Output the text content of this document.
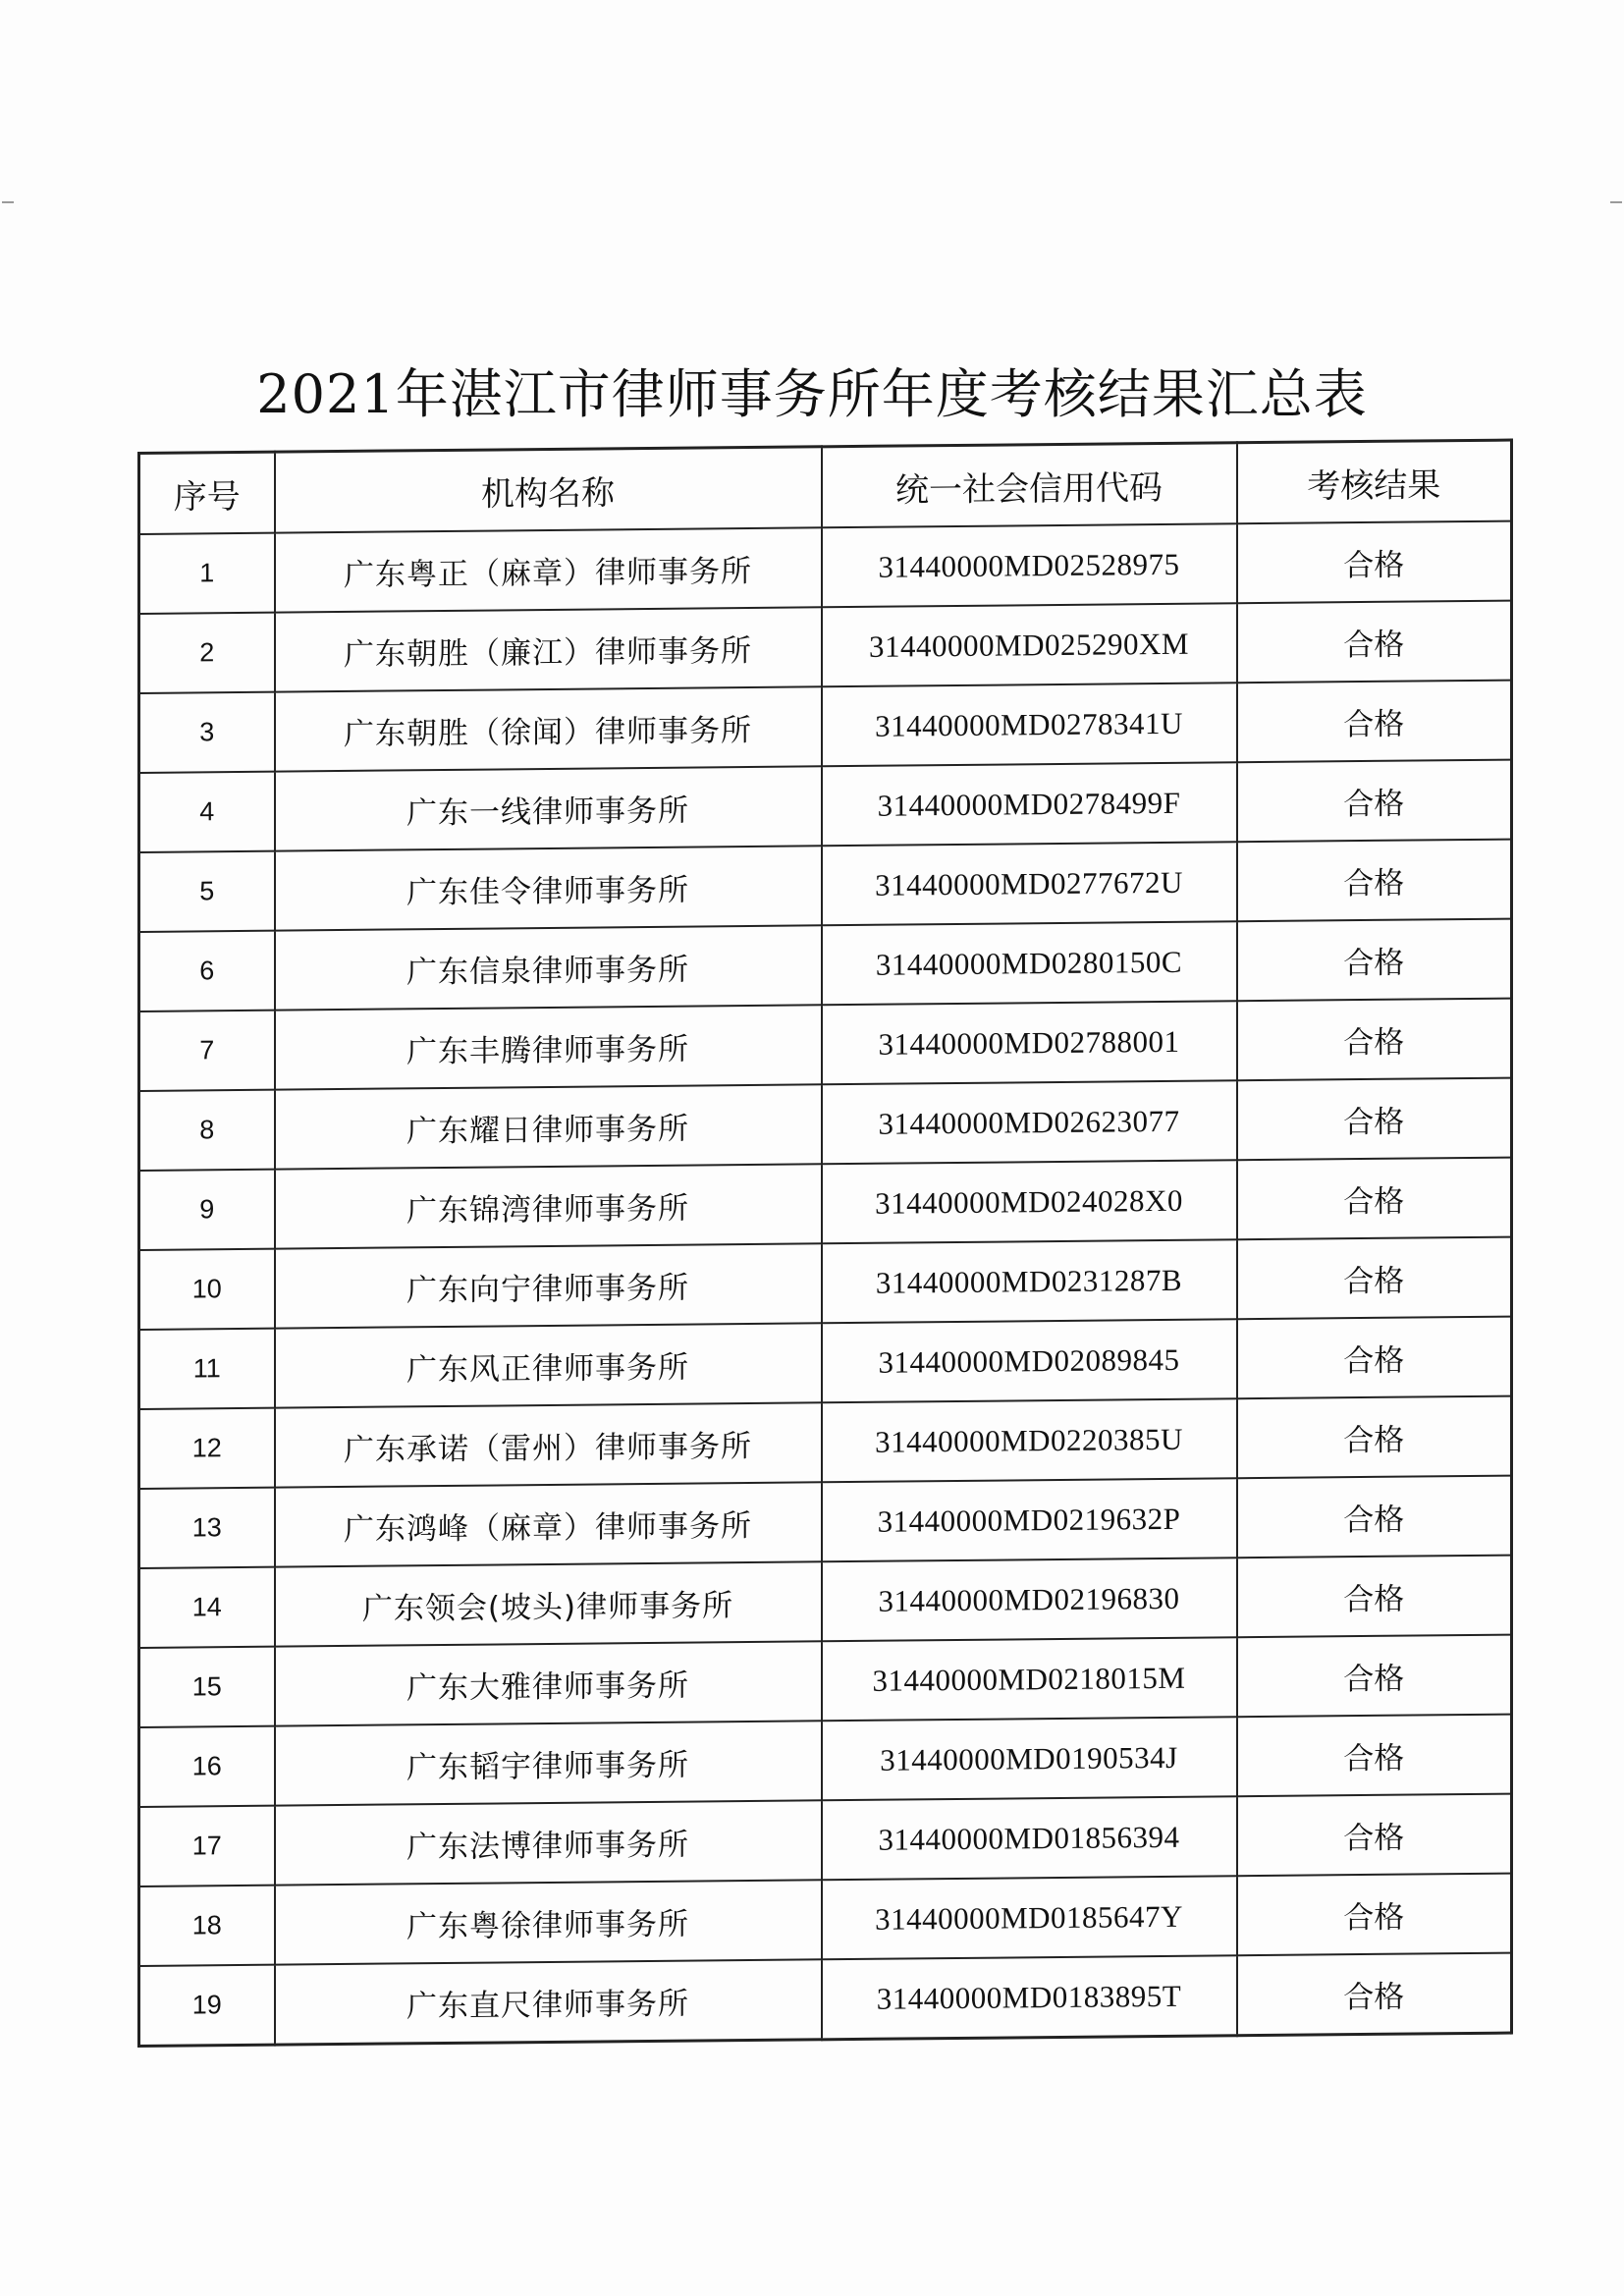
2021年湛江市律师事务所年度考核结果汇总表
序号	机构名称	统一社会信用代码	考核结果
1	广东粤正（麻章）律师事务所	31440000MD02528975	合格
2	广东朝胜（廉江）律师事务所	31440000MD025290XM	合格
3	广东朝胜（徐闻）律师事务所	31440000MD0278341U	合格
4	广东一线律师事务所	31440000MD0278499F	合格
5	广东佳令律师事务所	31440000MD0277672U	合格
6	广东信泉律师事务所	31440000MD0280150C	合格
7	广东丰腾律师事务所	31440000MD02788001	合格
8	广东耀日律师事务所	31440000MD02623077	合格
9	广东锦湾律师事务所	31440000MD024028X0	合格
10	广东向宁律师事务所	31440000MD0231287B	合格
11	广东风正律师事务所	31440000MD02089845	合格
12	广东承诺（雷州）律师事务所	31440000MD0220385U	合格
13	广东鸿峰（麻章）律师事务所	31440000MD0219632P	合格
14	广东领会(坡头)律师事务所	31440000MD02196830	合格
15	广东大雅律师事务所	31440000MD0218015M	合格
16	广东韬宇律师事务所	31440000MD0190534J	合格
17	广东法博律师事务所	31440000MD01856394	合格
18	广东粤徐律师事务所	31440000MD0185647Y	合格
19	广东直尺律师事务所	31440000MD0183895T	合格
